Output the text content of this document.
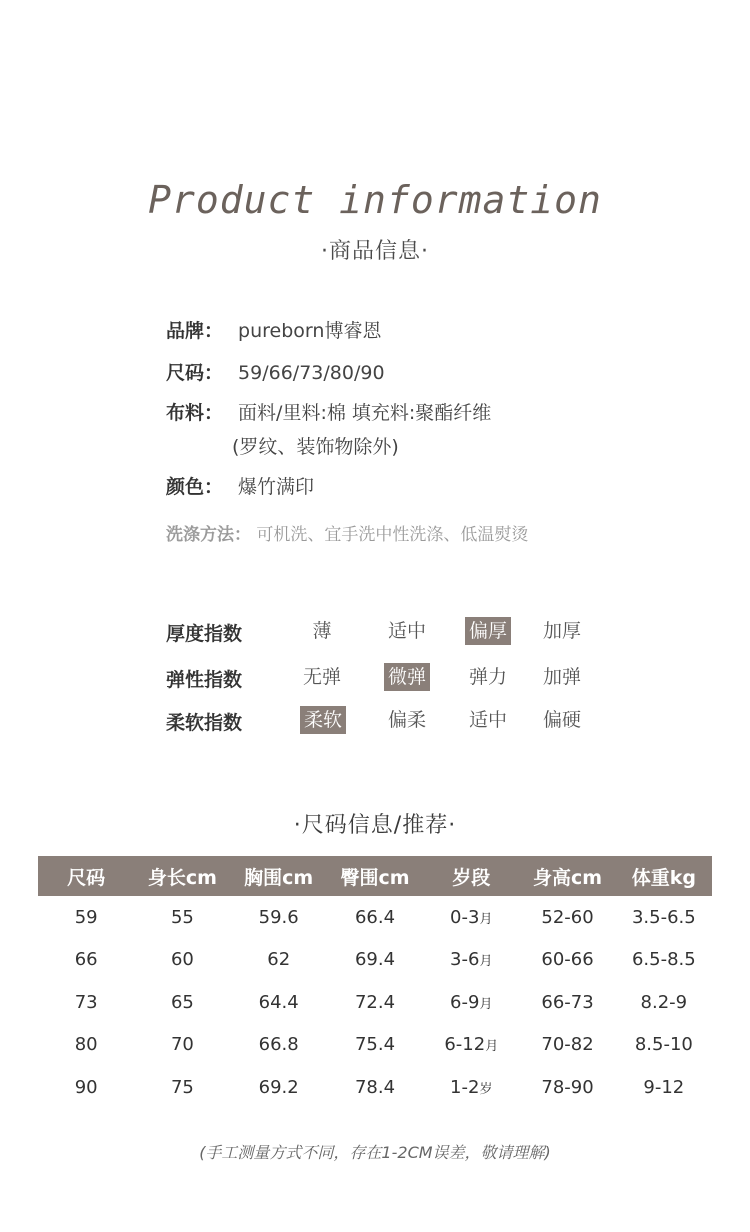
Product information
·商品信息·
品牌： pureborn博睿恩
尺码： 59/66/73/80/90
布料： 面料/里料:棉 填充料:聚酯纤维
(罗纹、装饰物除外)
颜色： 爆竹满印
洗涤方法： 可机洗、宜手洗中性洗涤、低温熨烫
厚度指数	薄	适中	偏厚	加厚
弹性指数	无弹	微弹	弹力	加弹
柔软指数	柔软	偏柔	适中	偏硬
·尺码信息/推荐·
尺码	身长cm	胸围cm	臀围cm	岁段	身高cm	体重kg
59	55	59.6	66.4	0-3月	52-60	3.5-6.5
66	60	62	69.4	3-6月	60-66	6.5-8.5
73	65	64.4	72.4	6-9月	66-73	8.2-9
80	70	66.8	75.4	6-12月	70-82	8.5-10
90	75	69.2	78.4	1-2岁	78-90	9-12
(手工测量方式不同，存在1-2CM误差，敬请理解)
